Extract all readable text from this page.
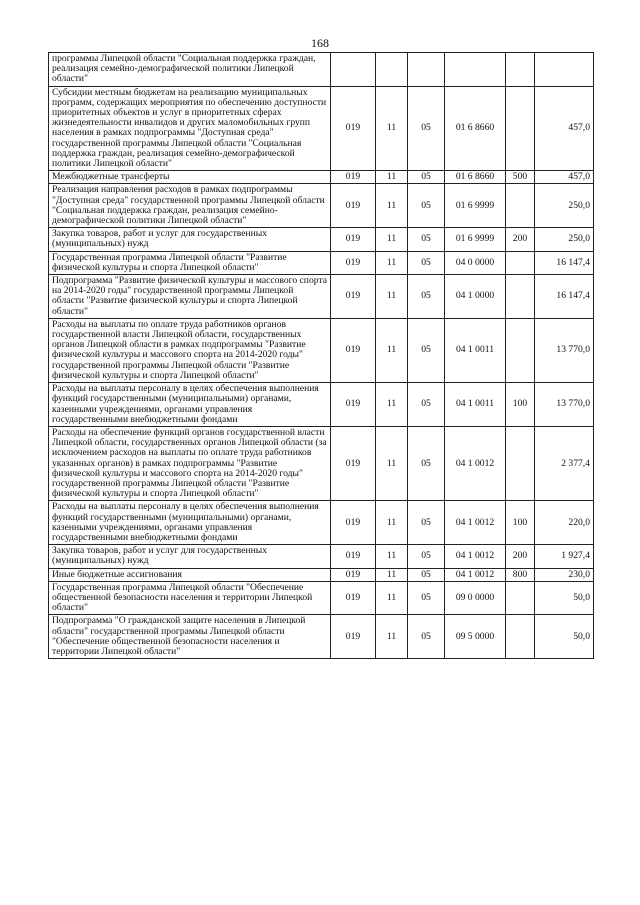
168
программы Липецкой области "Социальная поддержка граждан, реализация семейно-демографической политики Липецкой области"						
Субсидии местным бюджетам на реализацию муниципальных программ, содержащих мероприятия по обеспечению доступности приоритетных объектов и услуг в приоритетных сферах жизнедеятельности инвалидов и других маломобильных групп населения в рамках подпрограммы "Доступная среда" государственной программы Липецкой области "Социальная поддержка граждан, реализация семейно-демографической политики Липецкой области"	019	11	05	01 6 8660		457,0
Межбюджетные трансферты	019	11	05	01 6 8660	500	457,0
Реализация направления расходов в рамках подпрограммы "Доступная среда" государственной программы Липецкой области "Социальная поддержка граждан, реализация семейно-демографической политики Липецкой области"	019	11	05	01 6 9999		250,0
Закупка товаров, работ и услуг для государственных (муниципальных) нужд	019	11	05	01 6 9999	200	250,0
Государственная программа Липецкой области "Развитие физической культуры и спорта Липецкой области"	019	11	05	04 0 0000		16 147,4
Подпрограмма "Развитие физической культуры и массового спорта на 2014-2020 годы" государственной программы Липецкой области "Развитие физической культуры и спорта Липецкой области"	019	11	05	04 1 0000		16 147,4
Расходы на выплаты по оплате труда работников органов государственной власти Липецкой области, государственных органов Липецкой области в рамках подпрограммы "Развитие физической культуры и массового спорта на 2014-2020 годы" государственной программы Липецкой области "Развитие физической культуры и спорта Липецкой области"	019	11	05	04 1 0011		13 770,0
Расходы на выплаты персоналу в целях обеспечения выполнения функций государственными (муниципальными) органами, казенными учреждениями, органами управления государственными внебюджетными фондами	019	11	05	04 1 0011	100	13 770,0
Расходы на обеспечение функций органов государственной власти Липецкой области, государственных органов Липецкой области (за исключением расходов на выплаты по оплате труда работников указанных органов) в рамках подпрограммы "Развитие физической культуры и массового спорта на 2014-2020 годы" государственной программы Липецкой области "Развитие физической культуры и спорта Липецкой области"	019	11	05	04 1 0012		2 377,4
Расходы на выплаты персоналу в целях обеспечения выполнения функций государственными (муниципальными) органами, казенными учреждениями, органами управления государственными внебюджетными фондами	019	11	05	04 1 0012	100	220,0
Закупка товаров, работ и услуг для государственных (муниципальных) нужд	019	11	05	04 1 0012	200	1 927,4
Иные бюджетные ассигнования	019	11	05	04 1 0012	800	230,0
Государственная программа Липецкой области "Обеспечение общественной безопасности населения и территории Липецкой области"	019	11	05	09 0 0000		50,0
Подпрограмма "О гражданской защите населения в Липецкой области" государственной программы Липецкой области "Обеспечение общественной безопасности населения и территории Липецкой области"	019	11	05	09 5 0000		50,0
